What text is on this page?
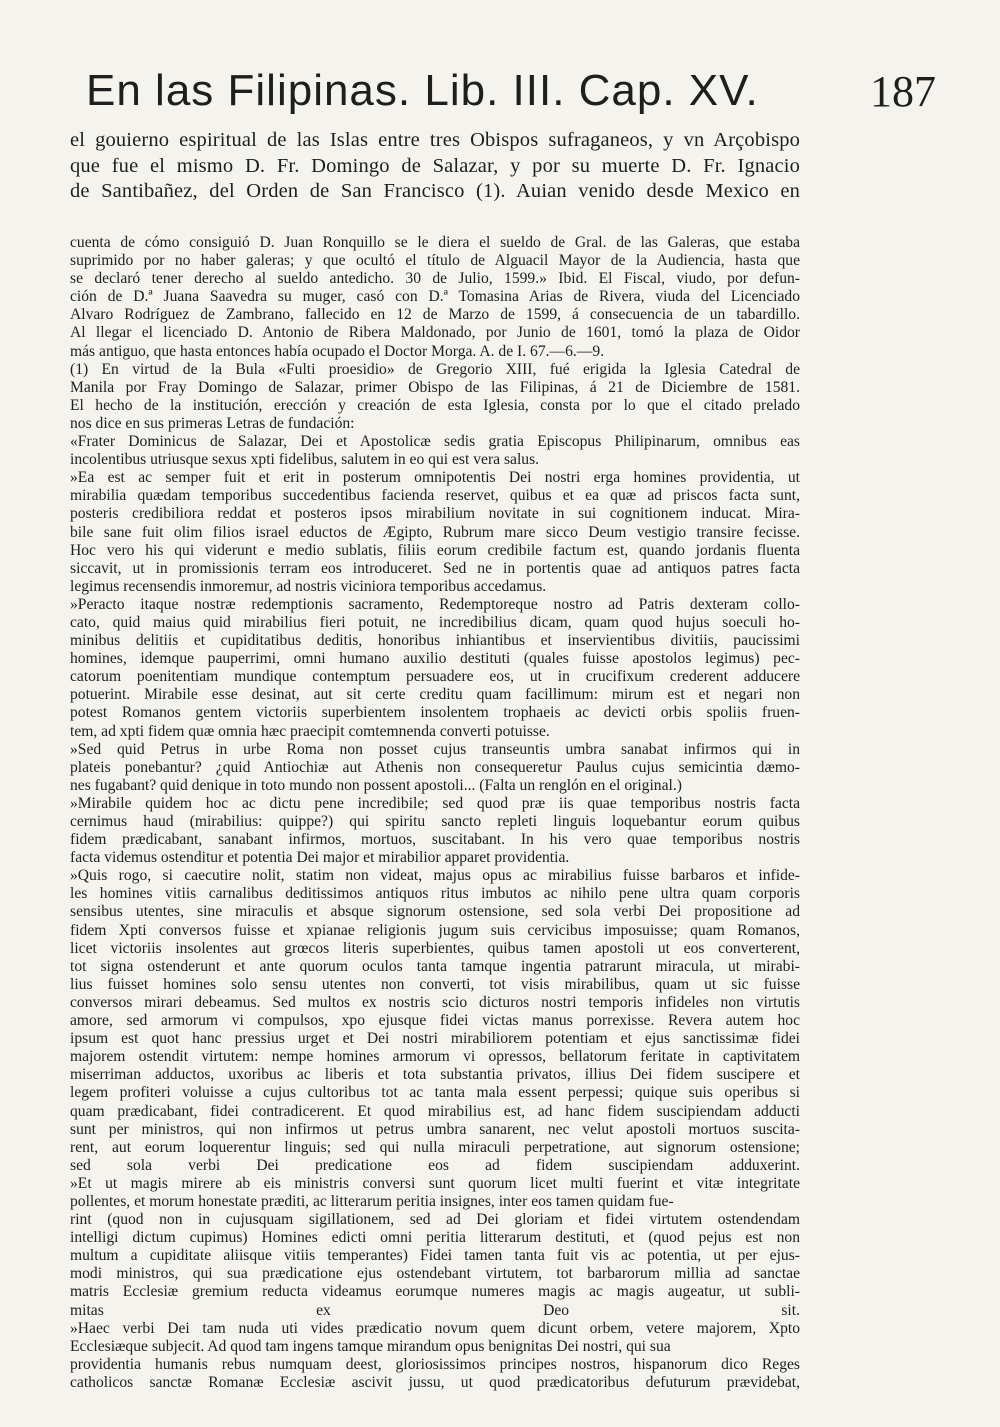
En las Filipinas. Lib. III. Cap. XV.	187
el gouierno espiritual de las Islas entre tres Obispos sufraganeos, y vn Arçobispo
que fue el mismo D. Fr. Domingo de Salazar, y por su muerte D. Fr. Ignacio
de Santibañez, del Orden de San Francisco (1). Auian venido desde Mexico en
cuenta de cómo consiguió D. Juan Ronquillo se le diera el sueldo de Gral. de las Galeras, que estaba
suprimido por no haber galeras; y que ocultó el título de Alguacil Mayor de la Audiencia, hasta que
se declaró tener derecho al sueldo antedicho. 30 de Julio, 1599.» Ibid. El Fiscal, viudo, por defun-
ción de D.ª Juana Saavedra su muger, casó con D.ª Tomasina Arias de Rivera, viuda del Licenciado
Alvaro Rodríguez de Zambrano, fallecido en 12 de Marzo de 1599, á consecuencia de un tabardillo.
Al llegar el licenciado D. Antonio de Ribera Maldonado, por Junio de 1601, tomó la plaza de Oidor
más antiguo, que hasta entonces había ocupado el Doctor Morga. A. de I. 67.—6.—9.
(1) En virtud de la Bula «Fulti proesidio» de Gregorio XIII, fué erigida la Iglesia Catedral de
Manila por Fray Domingo de Salazar, primer Obispo de las Filipinas, á 21 de Diciembre de 1581.
El hecho de la institución, erección y creación de esta Iglesia, consta por lo que el citado prelado
nos dice en sus primeras Letras de fundación:
«Frater Dominicus de Salazar, Dei et Apostolicæ sedis gratia Episcopus Philipinarum, omnibus eas
incolentibus utriusque sexus xpti fidelibus, salutem in eo qui est vera salus.
»Ea est ac semper fuit et erit in posterum omnipotentis Dei nostri erga homines providentia, ut
mirabilia quædam temporibus succedentibus facienda reservet, quibus et ea quæ ad priscos facta sunt,
posteris credibiliora reddat et posteros ipsos mirabilium novitate in sui cognitionem inducat. Mira-
bile sane fuit olim filios israel eductos de Ægipto, Rubrum mare sicco Deum vestigio transire fecisse.
Hoc vero his qui viderunt e medio sublatis, filiis eorum credibile factum est, quando jordanis fluenta
siccavit, ut in promissionis terram eos introduceret. Sed ne in portentis quae ad antiquos patres facta
legimus recensendis inmoremur, ad nostris viciniora temporibus accedamus.
»Peracto itaque nostræ redemptionis sacramento, Redemptoreque nostro ad Patris dexteram collo-
cato, quid maius quid mirabilius fieri potuit, ne incredibilius dicam, quam quod hujus soeculi ho-
minibus delitiis et cupiditatibus deditis, honoribus inhiantibus et inservientibus divitiis, paucissimi
homines, idemque pauperrimi, omni humano auxilio destituti (quales fuisse apostolos legimus) pec-
catorum poenitentiam mundique contemptum persuadere eos, ut in crucifixum crederent adducere
potuerint. Mirabile esse desinat, aut sit certe creditu quam facillimum: mirum est et negari non
potest Romanos gentem victoriis superbientem insolentem trophaeis ac devicti orbis spoliis fruen-
tem, ad xpti fidem quæ omnia hæc praecipit comtemnenda converti potuisse.
»Sed quid Petrus in urbe Roma non posset cujus transeuntis umbra sanabat infirmos qui in
plateis ponebantur? ¿quid Antiochiæ aut Athenis non consequeretur Paulus cujus semicintia dæmo-
nes fugabant? quid denique in toto mundo non possent apostoli... (Falta un renglón en el original.)
»Mirabile quidem hoc ac dictu pene incredibile; sed quod præ iis quae temporibus nostris facta
cernimus haud (mirabilius: quippe?) qui spiritu sancto repleti linguis loquebantur eorum quibus
fidem prædicabant, sanabant infirmos, mortuos, suscitabant. In his vero quae temporibus nostris
facta videmus ostenditur et potentia Dei major et mirabilior apparet providentia.
»Quis rogo, si caecutire nolit, statim non videat, majus opus ac mirabilius fuisse barbaros et infide-
les homines vitiis carnalibus deditissimos antiquos ritus imbutos ac nihilo pene ultra quam corporis
sensibus utentes, sine miraculis et absque signorum ostensione, sed sola verbi Dei propositione ad
fidem Xpti conversos fuisse et xpianae religionis jugum suis cervicibus imposuisse; quam Romanos,
licet victoriis insolentes aut grœcos literis superbientes, quibus tamen apostoli ut eos converterent,
tot signa ostenderunt et ante quorum oculos tanta tamque ingentia patrarunt miracula, ut mirabi-
lius fuisset homines solo sensu utentes non converti, tot visis mirabilibus, quam ut sic fuisse
conversos mirari debeamus. Sed multos ex nostris scio dicturos nostri temporis infideles non virtutis
amore, sed armorum vi compulsos, xpo ejusque fidei victas manus porrexisse. Revera autem hoc
ipsum est quot hanc pressius urget et Dei nostri mirabiliorem potentiam et ejus sanctissimæ fidei
majorem ostendit virtutem: nempe homines armorum vi opressos, bellatorum feritate in captivitatem
miserriman adductos, uxoribus ac liberis et tota substantia privatos, illius Dei fidem suscipere et
legem profiteri voluisse a cujus cultoribus tot ac tanta mala essent perpessi; quique suis operibus si
quam prædicabant, fidei contradicerent. Et quod mirabilius est, ad hanc fidem suscipiendam adducti
sunt per ministros, qui non infirmos ut petrus umbra sanarent, nec velut apostoli mortuos suscita-
rent, aut eorum loquerentur linguis; sed qui nulla miraculi perpetratione, aut signorum ostensione;
sed sola verbi Dei predicatione eos ad fidem suscipiendam adduxerint.
»Et ut magis mirere ab eis ministris conversi sunt quorum licet multi fuerint et vitæ integritate
pollentes, et morum honestate præditi, ac litterarum peritia insignes, inter eos tamen quidam fue-
rint (quod non in cujusquam sigillationem, sed ad Dei gloriam et fidei virtutem ostendendam
intelligi dictum cupimus) Homines edicti omni peritia litterarum destituti, et (quod pejus est non
multum a cupiditate aliisque vitiis temperantes) Fidei tamen tanta fuit vis ac potentia, ut per ejus-
modi ministros, qui sua prædicatione ejus ostendebant virtutem, tot barbarorum millia ad sanctae
matris Ecclesiæ gremium reducta videamus eorumque numeres magis ac magis augeatur, ut subli-
mitas ex Deo sit.
»Haec verbi Dei tam nuda uti vides prædicatio novum quem dicunt orbem, vetere majorem, Xpto
Ecclesiæque subjecit. Ad quod tam ingens tamque mirandum opus benignitas Dei nostri, qui sua
providentia humanis rebus numquam deest, gloriosissimos principes nostros, hispanorum dico Reges
catholicos sanctæ Romanæ Ecclesiæ ascivit jussu, ut quod prædicatoribus defuturum prævidebat,
